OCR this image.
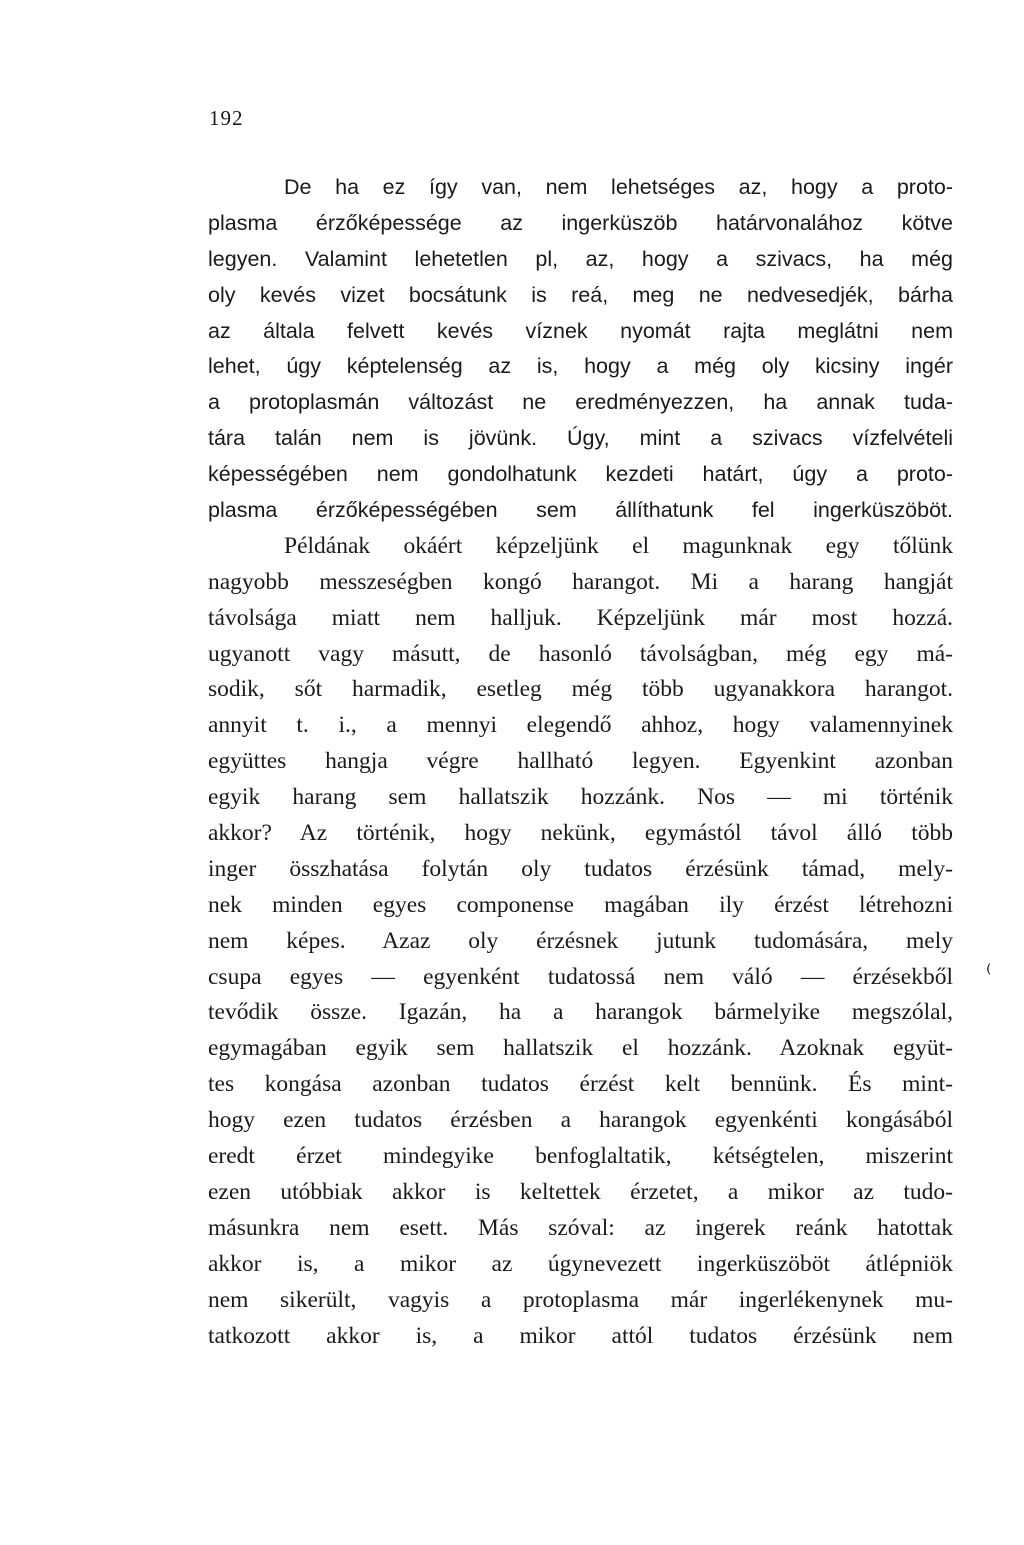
192
De ha ez így van, nem lehetséges az, hogy a proto-
plasma érzőképessége az ingerküszöb határvonalához kötve
legyen. Valamint lehetetlen pl, az, hogy a szivacs, ha még
oly kevés vizet bocsátunk is reá, meg ne nedvesedjék, bárha
az általa felvett kevés víznek nyomát rajta meglátni nem
lehet, úgy képtelenség az is, hogy a még oly kicsiny ingér
a protoplasmán változást ne eredményezzen, ha annak tuda-
tára talán nem is jövünk. Úgy, mint a szivacs vízfelvételi
képességében nem gondolhatunk kezdeti határt, úgy a proto-
plasma érzőképességében sem állíthatunk fel ingerküszöböt.
Példának okáért képzeljünk el magunknak egy tőlünk
nagyobb messzeségben kongó harangot. Mi a harang hangját
távolsága miatt nem halljuk. Képzeljünk már most hozzá.
ugyanott vagy másutt, de hasonló távolságban, még egy má-
sodik, sőt harmadik, esetleg még több ugyanakkora harangot.
annyit t. i., a mennyi elegendő ahhoz, hogy valamennyinek
együttes hangja végre hallható legyen. Egyenkint azonban
egyik harang sem hallatszik hozzánk. Nos — mi történik
akkor? Az történik, hogy nekünk, egymástól távol álló több
inger összhatása folytán oly tudatos érzésünk támad, mely-
nek minden egyes componense magában ily érzést létrehozni
nem képes. Azaz oly érzésnek jutunk tudomására, mely
csupa egyes — egyenként tudatossá nem váló — érzésekből
tevődik össze. Igazán, ha a harangok bármelyike megszólal,
egymagában egyik sem hallatszik el hozzánk. Azoknak együt-
tes kongása azonban tudatos érzést kelt bennünk. És mint-
hogy ezen tudatos érzésben a harangok egyenkénti kongásából
eredt érzet mindegyike benfoglaltatik, kétségtelen, miszerint
ezen utóbbiak akkor is keltettek érzetet, a mikor az tudo-
másunkra nem esett. Más szóval: az ingerek reánk hatottak
akkor is, a mikor az úgynevezett ingerküszöböt átlépniök
nem sikerült, vagyis a protoplasma már ingerlékenynek mu-
tatkozott akkor is, a mikor attól tudatos érzésünk nem
⁽
